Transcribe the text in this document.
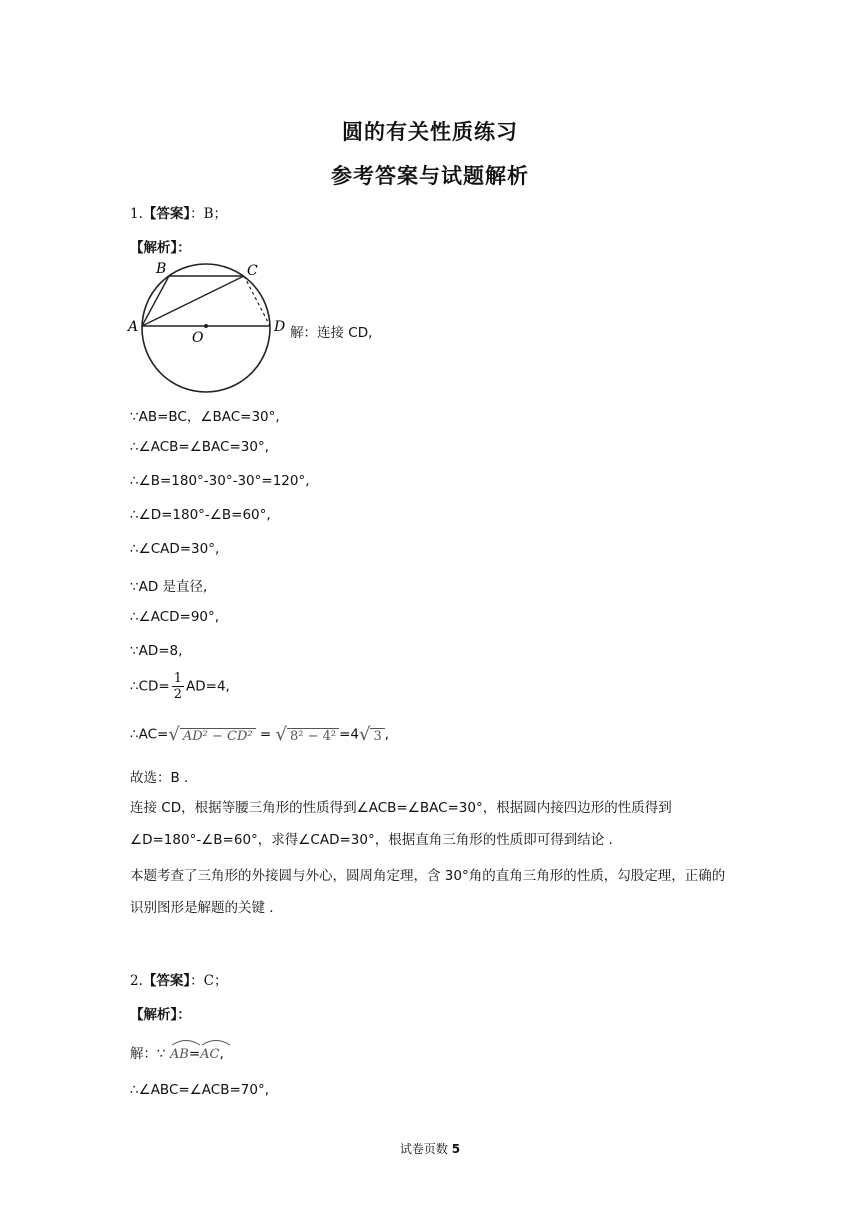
圆的有关性质练习
参考答案与试题解析
1.【答案】：B；
【解析】：
A
B	C
D
O	解：连接 CD,
∵AB=BC，∠BAC=30°,
∴∠ACB=∠BAC=30°,
∴∠B=180°-30°-30°=120°,
∴∠D=180°-∠B=60°,
∴∠CAD=30°,
∵AD 是直径,
∴∠ACD=90°,
∵AD=8,
∴CD= $\frac{1}{2} AD=4$,
∴AC=√ AD² − CD² = √ 8² − 4² =4√ 3 ,
故选：B .
连接 CD，根据等腰三角形的性质得到∠ACB=∠BAC=30°，根据圆内接四边形的性质得到∠D=180°-∠B=60°，求得∠CAD=30°，根据直角三角形的性质即可得到结论 .
本题考查了三角形的外接圆与外心，圆周角定理，含 30°角的直角三角形的性质，勾股定理，正确的识别图形是解题的关键 .
2.【答案】：C；
【解析】：
解：∵ AB=
AC,
∴∠ABC=∠ACB=70°,
试卷页数 5
